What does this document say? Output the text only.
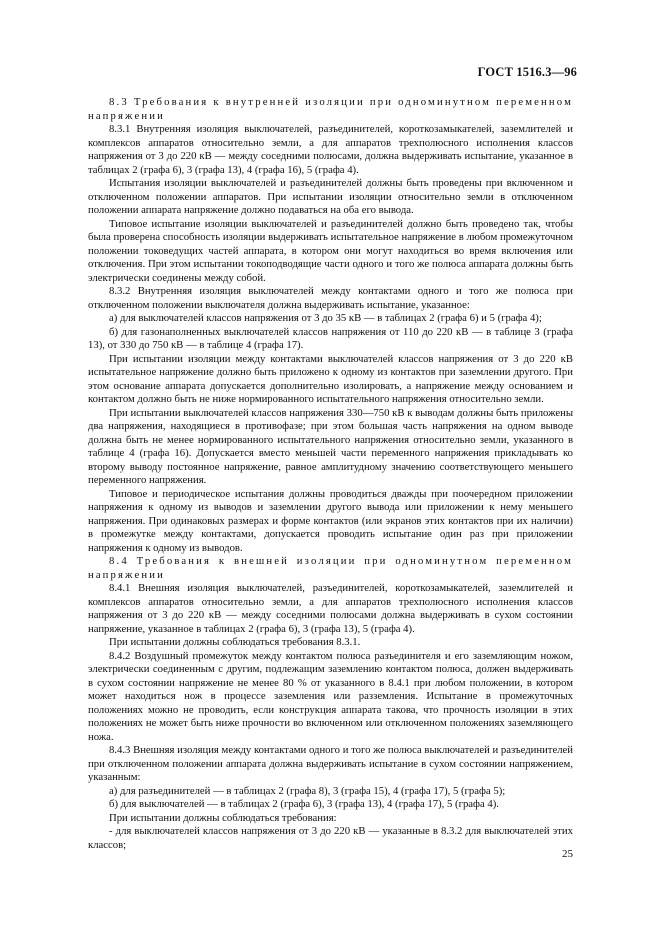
ГОСТ 1516.3—96

8.3 Требования к внутренней изоляции при одноминутном переменном напряжении

8.3.1 Внутренняя изоляция выключателей, разъединителей, короткозамыкателей, заземлителей и комплексов аппаратов относительно земли, а для аппаратов трехполюсного исполнения классов напряжения от 3 до 220 кВ — между соседними полюсами, должна выдерживать испытание, указанное в таблицах 2 (графа 6), 3 (графа 13), 4 (графа 16), 5 (графа 4).

Испытания изоляции выключателей и разъединителей должны быть проведены при включенном и отключенном положении аппаратов. При испытании изоляции относительно земли в отключенном положении аппарата напряжение должно подаваться на оба его вывода.

Типовое испытание изоляции выключателей и разъединителей должно быть проведено так, чтобы была проверена способность изоляции выдерживать испытательное напряжение в любом промежуточном положении токоведущих частей аппарата, в котором они могут находиться во время включения или отключения. При этом испытании токоподводящие части одного и того же полюса аппарата должны быть электрически соединены между собой.

8.3.2 Внутренняя изоляция выключателей между контактами одного и того же полюса при отключенном положении выключателя должна выдерживать испытание, указанное:

а) для выключателей классов напряжения от 3 до 35 кВ — в таблицах 2 (графа 6) и 5 (графа 4);

б) для газонаполненных выключателей классов напряжения от 110 до 220 кВ — в таблице 3 (графа 13), от 330 до 750 кВ — в таблице 4 (графа 17).

При испытании изоляции между контактами выключателей классов напряжения от 3 до 220 кВ испытательное напряжение должно быть приложено к одному из контактов при заземлении другого. При этом основание аппарата допускается дополнительно изолировать, а напряжение между основанием и контактом должно быть не ниже нормированного испытательного напряжения относительно земли.

При испытании выключателей классов напряжения 330—750 кВ к выводам должны быть приложены два напряжения, находящиеся в противофазе; при этом большая часть напряжения на одном выводе должна быть не менее нормированного испытательного напряжения относительно земли, указанного в таблице 4 (графа 16). Допускается вместо меньшей части переменного напряжения прикладывать ко второму выводу постоянное напряжение, равное амплитудному значению соответствующего меньшего переменного напряжения.

Типовое и периодическое испытания должны проводиться дважды при поочередном приложении напряжения к одному из выводов и заземлении другого вывода или приложении к нему меньшего напряжения. При одинаковых размерах и форме контактов (или экранов этих контактов при их наличии) в промежутке между контактами, допускается проводить испытание один раз при приложении напряжения к одному из выводов.

8.4 Требования к внешней изоляции при одноминутном переменном напряжении

8.4.1 Внешняя изоляция выключателей, разъединителей, короткозамыкателей, заземлителей и комплексов аппаратов относительно земли, а для аппаратов трехполюсного исполнения классов напряжения от 3 до 220 кВ — между соседними полюсами должна выдерживать в сухом состоянии напряжение, указанное в таблицах 2 (графа 6), 3 (графа 13), 5 (графа 4).

При испытании должны соблюдаться требования 8.3.1.

8.4.2 Воздушный промежуток между контактом полюса разъединителя и его заземляющим ножом, электрически соединенным с другим, подлежащим заземлению контактом полюса, должен выдерживать в сухом состоянии напряжение не менее 80 % от указанного в 8.4.1 при любом положении, в котором может находиться нож в процессе заземления или разземления. Испытание в промежуточных положениях можно не проводить, если конструкция аппарата такова, что прочность изоляции в этих положениях не может быть ниже прочности во включенном или отключенном положениях заземляющего ножа.

8.4.3 Внешняя изоляция между контактами одного и того же полюса выключателей и разъединителей при отключенном положении аппарата должна выдерживать испытание в сухом состоянии напряжением, указанным:

а) для разъединителей — в таблицах 2 (графа 8), 3 (графа 15), 4 (графа 17), 5 (графа 5);

б) для выключателей — в таблицах 2 (графа 6), 3 (графа 13), 4 (графа 17), 5 (графа 4).

При испытании должны соблюдаться требования:

- для выключателей классов напряжения от 3 до 220 кВ — указанные в 8.3.2 для выключателей этих классов;

25
